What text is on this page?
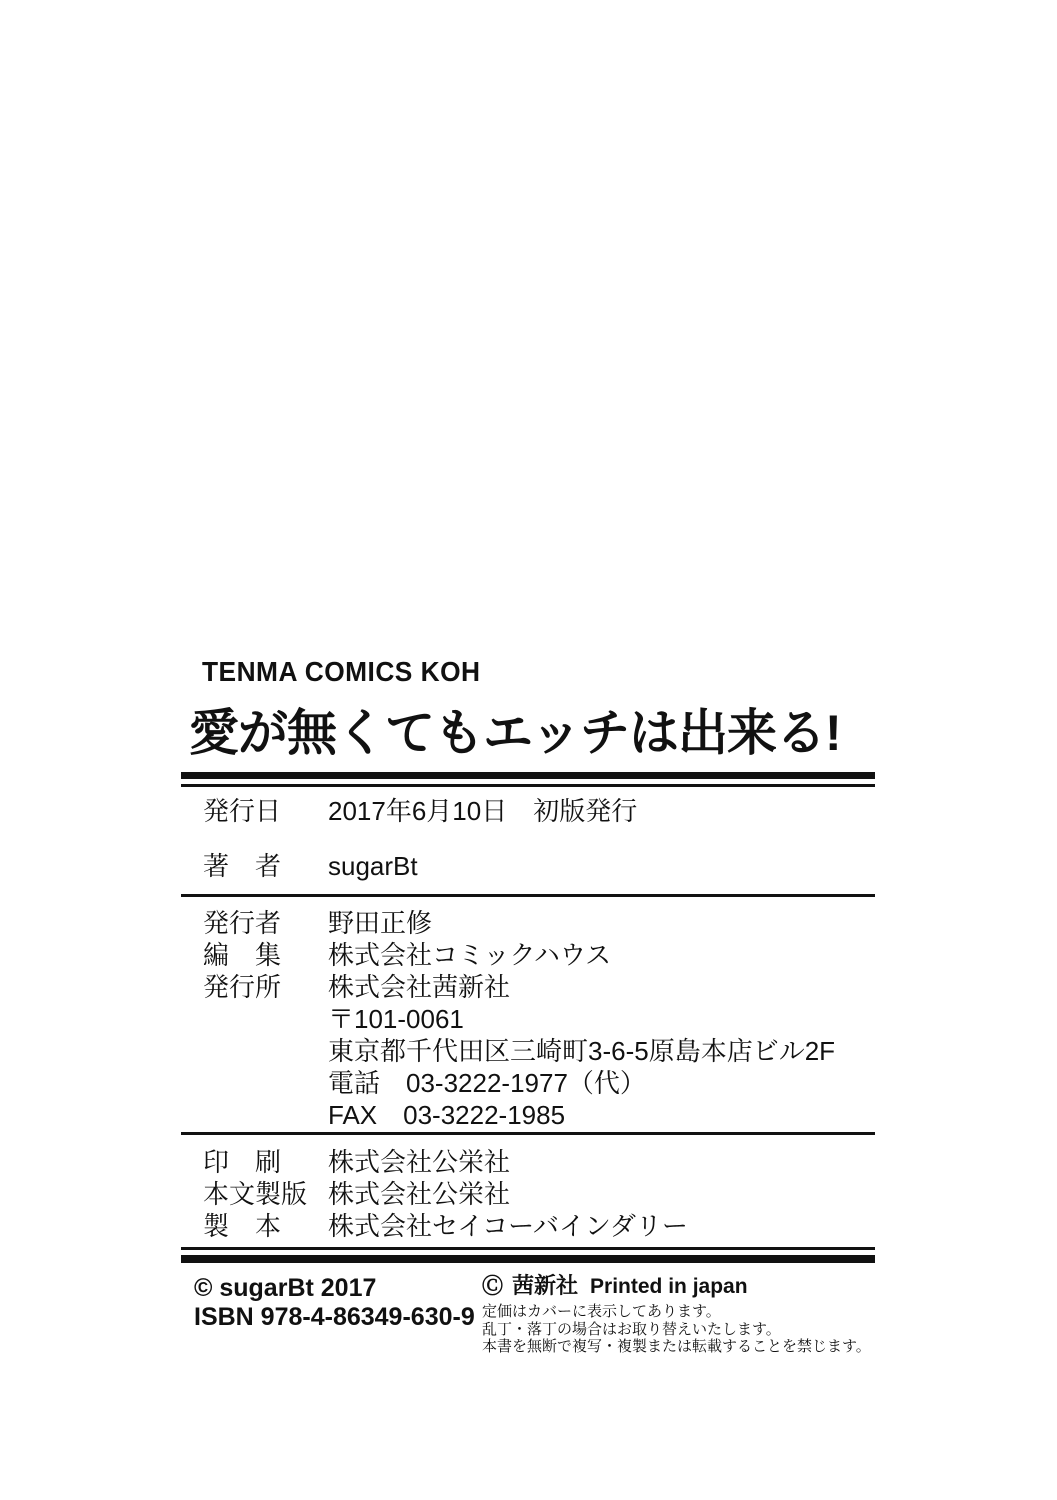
TENMA COMICS KOH
愛が無くてもエッチは出来る!
発行日 2017年6月10日　初版発行
著　者 sugarBt
発行者 野田正修
編　集 株式会社コミックハウス
発行所 株式会社茜新社
〒101-0061
東京都千代田区三崎町3-6-5原島本店ビル2F
電話　03-3222-1977（代）
FAX　03-3222-1985
印　刷 株式会社公栄社
本文製版 株式会社公栄社
製　本 株式会社セイコーバインダリー
© sugarBt 2017
ISBN 978-4-86349-630-9
Ⓒ 茜新社 Printed in japan
定価はカバーに表示してあります。
乱丁・落丁の場合はお取り替えいたします。
本書を無断で複写・複製または転載することを禁じます。
